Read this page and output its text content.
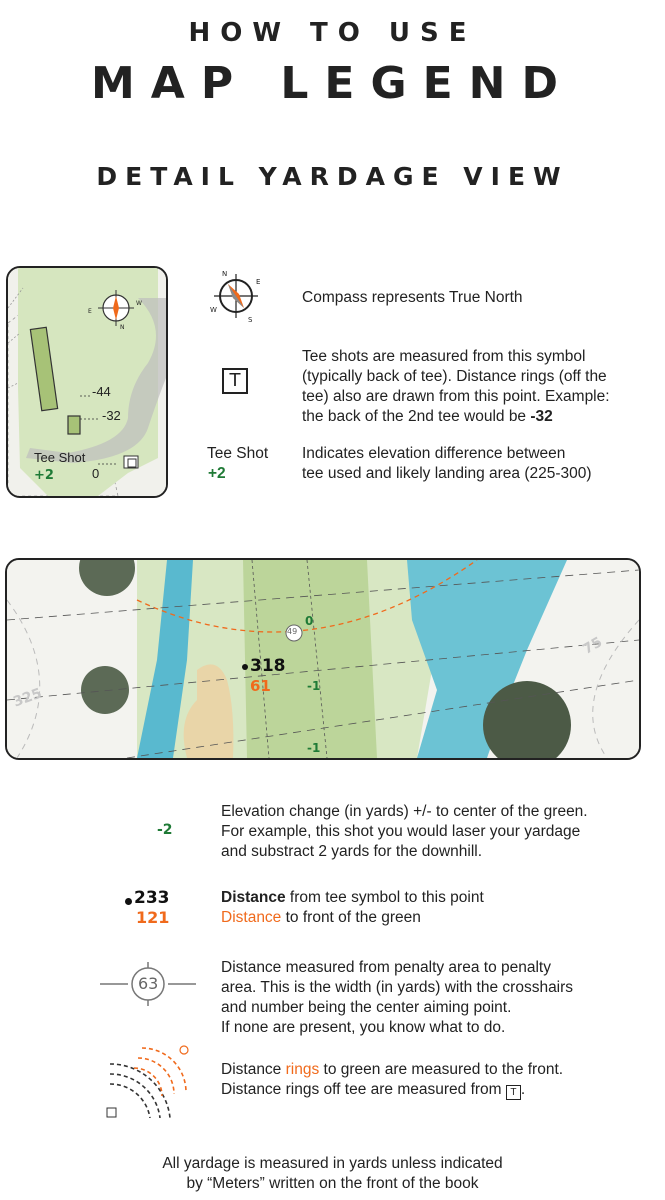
HOW TO USE
MAP LEGEND
DETAIL YARDAGE VIEW
E
W
N
-44
-32
0
Tee Shot
+2
N
E
S
W
Compass represents True North
T
Tee shots are measured from this symbol
(typically back of tee). Distance rings (off the
tee) also are drawn from this point. Example:
the back of the 2nd tee would be -32
Tee Shot
+2
Indicates elevation difference between
tee used and likely landing area (225-300)
49
0
318
61	-1
-1
325
75
-2
Elevation change (in yards) +/- to center of the green.
For example, this shot you would laser your yardage
and substract 2 yards for the downhill.
233
121
Distance from tee symbol to this point
Distance to front of the green
63
Distance measured from penalty area to penalty
area. This is the width (in yards) with the crosshairs
and number being the center aiming point.
If none are present, you know what to do.
Distance rings to green are measured to the front.
Distance rings off tee are measured from T .
All yardage is measured in yards unless indicated
by “Meters” written on the front of the book
